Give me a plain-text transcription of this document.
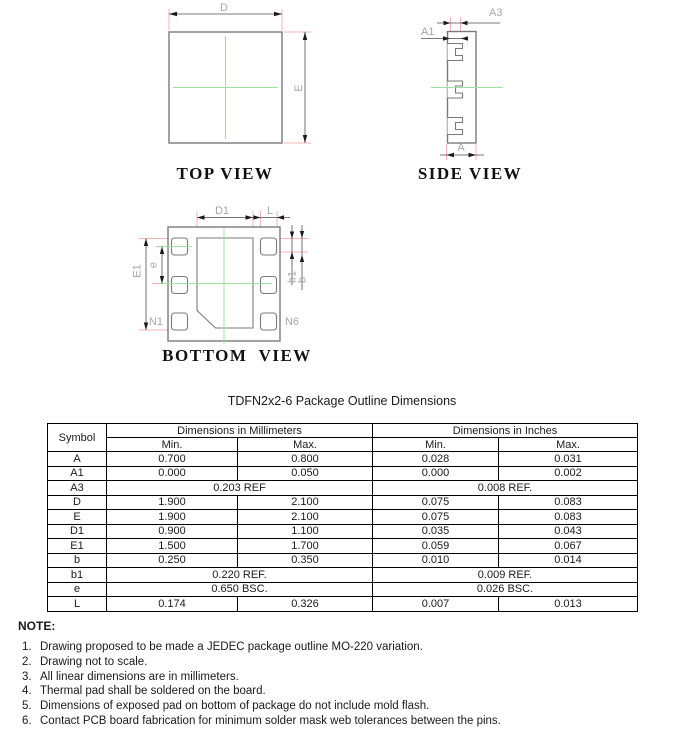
D
E
A3
A1
A
D1	L
E1 e
b1
b
N1	N6
TOP VIEW	SIDE VIEW
BOTTOM  VIEW
TDFN2x2-6 Package Outline Dimensions
Symbol	Dimensions in Millimeters		Dimensions in Inches	
	Min.	Max.	Min.	Max.
A	0.700	0.800	0.028	0.031
A1	0.000	0.050	0.000	0.002
A3	0.203 REF		0.008 REF.	
D	1.900	2.100	0.075	0.083
E	1.900	2.100	0.075	0.083
D1	0.900	1.100	0.035	0.043
E1	1.500	1.700	0.059	0.067
b	0.250	0.350	0.010	0.014
b1	0.220 REF.		0.009 REF.	
e	0.650 BSC.		0.026 BSC.	
L	0.174	0.326	0.007	0.013
NOTE:
1. Drawing proposed to be made a JEDEC package outline MO-220 variation.
2. Drawing not to scale.
3. All linear dimensions are in millimeters.
4. Thermal pad shall be soldered on the board.
5. Dimensions of exposed pad on bottom of package do not include mold flash.
6. Contact PCB board fabrication for minimum solder mask web tolerances between the pins.
